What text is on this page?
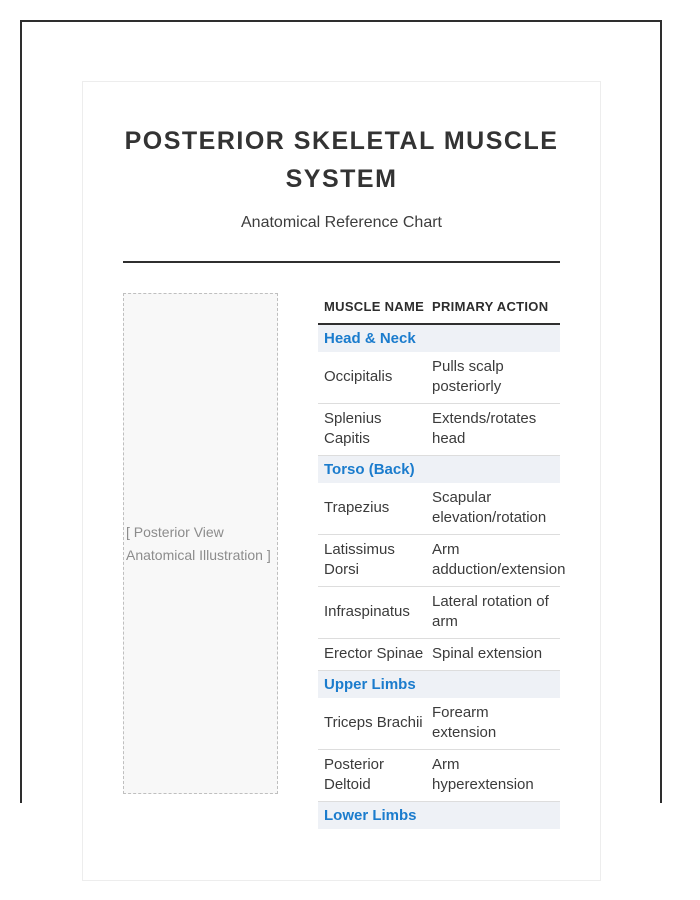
POSTERIOR SKELETAL MUSCLE SYSTEM

Anatomical Reference Chart

[ Posterior View Anatomical Illustration ]
MUSCLE NAME	PRIMARY ACTION
Head & Neck	
Occipitalis	Pulls scalp posteriorly
Splenius Capitis	Extends/rotates head
Torso (Back)	
Trapezius	Scapular elevation/rotation
Latissimus Dorsi	Arm adduction/extension
Infraspinatus	Lateral rotation of arm
Erector Spinae	Spinal extension
Upper Limbs	
Triceps Brachii	Forearm extension
Posterior Deltoid	Arm hyperextension
Lower Limbs	
